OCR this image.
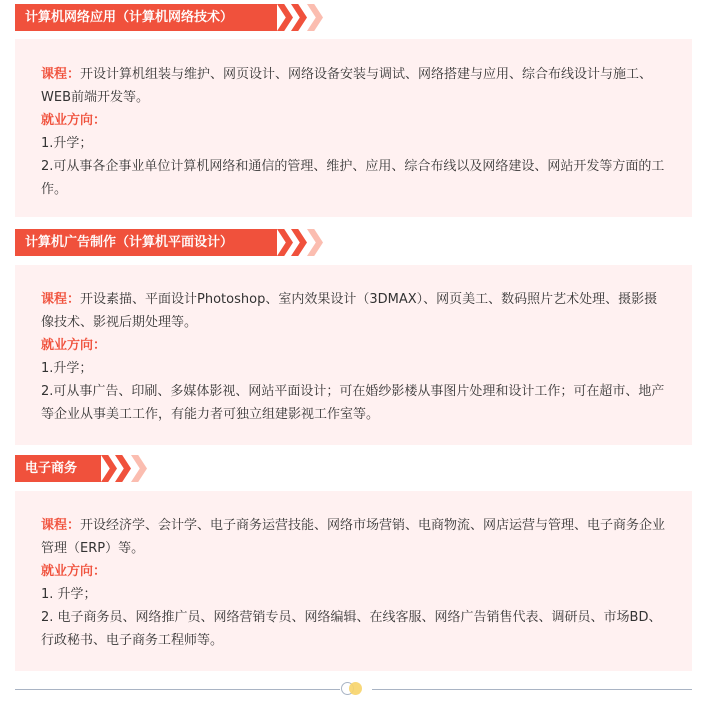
计算机网络应用（计算机网络技术）

课程：开设计算机组装与维护、网页设计、网络设备安装与调试、网络搭建与应用、综合布线设计与施工、WEB前端开发等。

就业方向：

1.升学；

2.可从事各企事业单位计算机网络和通信的管理、维护、应用、综合布线以及网络建设、网站开发等方面的工作。

计算机广告制作（计算机平面设计）

课程：开设素描、平面设计Photoshop、室内效果设计（3DMAX）、网页美工、数码照片艺术处理、摄影摄像技术、影视后期处理等。

就业方向：

1.升学；

2.可从事广告、印刷、多媒体影视、网站平面设计；可在婚纱影楼从事图片处理和设计工作；可在超市、地产等企业从事美工工作，有能力者可独立组建影视工作室等。

电子商务

课程：开设经济学、会计学、电子商务运营技能、网络市场营销、电商物流、网店运营与管理、电子商务企业管理（ERP）等。

就业方向：

1. 升学；

2. 电子商务员、网络推广员、网络营销专员、网络编辑、在线客服、网络广告销售代表、调研员、市场BD、行政秘书、电子商务工程师等。
